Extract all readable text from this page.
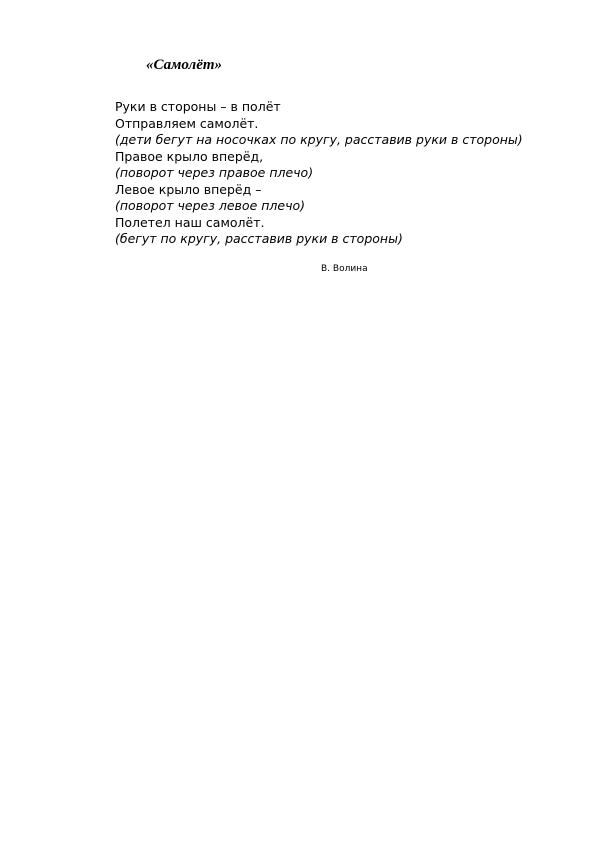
«Самолёт»
Руки в стороны – в полёт
Отправляем самолёт.
(дети бегут на носочках по кругу, расставив руки в стороны)
Правое крыло вперёд,
(поворот через правое плечо)
Левое крыло вперёд –
(поворот через левое плечо)
Полетел наш самолёт.
(бегут по кругу, расставив руки в стороны)
В. Волина
